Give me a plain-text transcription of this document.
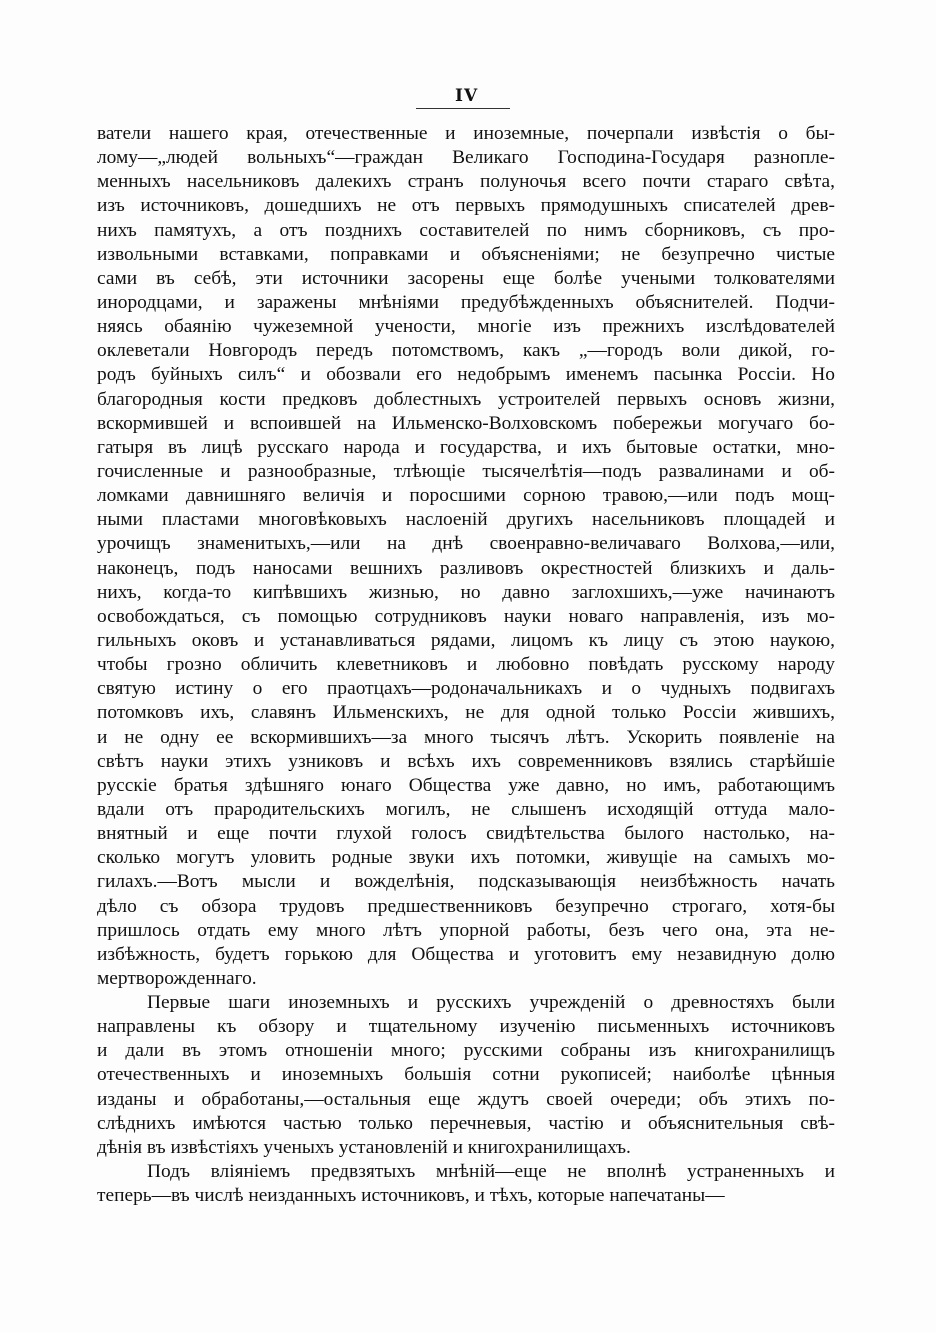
IV
ватели нашего края, отечественные и иноземные, почерпали извѣстія о бы-
лому—„людей вольныхъ“—граждан Великаго Господина-Государя разнопле-
менныхъ насельниковъ далекихъ странъ полуночья всего почти стараго свѣта,
изъ источниковъ, дошедшихъ не отъ первыхъ прямодушныхъ списателей древ-
нихъ памятухъ, а отъ позднихъ составителей по нимъ сборниковъ, съ про-
извольными вставками, поправками и объясненіями; не безупречно чистые
сами въ себѣ, эти источники засорены еще болѣе учеными толкователями
инородцами, и заражены мнѣніями предубѣжденныхъ объяснителей. Подчи-
няясь обаянію чужеземной учености, многіе изъ прежнихъ изслѣдователей
оклеветали Новгородъ передъ потомствомъ, какъ „—городъ воли дикой, го-
родъ буйныхъ силъ“ и обозвали его недобрымъ именемъ пасынка Россіи. Но
благородныя кости предковъ доблестныхъ устроителей первыхъ основъ жизни,
вскормившей и вспоившей на Ильменско-Волховскомъ побережьи могучаго бо-
гатыря въ лицѣ русскаго народа и государства, и ихъ бытовые остатки, мно-
гочисленные и разнообразные, тлѣющіе тысячелѣтія—подъ развалинами и об-
ломками давнишняго величія и поросшими сорною травою,—или подъ мощ-
ными пластами многовѣковыхъ наслоеній другихъ насельниковъ площадей и
урочищъ знаменитыхъ,—или на днѣ своенравно-величаваго Волхова,—или,
наконецъ, подъ наносами вешнихъ разливовъ окрестностей близкихъ и даль-
нихъ, когда-то кипѣвшихъ жизнью, но давно заглохшихъ,—уже начинаютъ
освобождаться, съ помощью сотрудниковъ науки новаго направленія, изъ мо-
гильныхъ оковъ и устанавливаться рядами, лицомъ къ лицу съ этою наукою,
чтобы грозно обличить клеветниковъ и любовно повѣдать русскому народу
святую истину о его праотцахъ—родоначальникахъ и о чудныхъ подвигахъ
потомковъ ихъ, славянъ Ильменскихъ, не для одной только Россіи жившихъ,
и не одну ее вскормившихъ—за много тысячъ лѣтъ. Ускорить появленіе на
свѣтъ науки этихъ узниковъ и всѣхъ ихъ современниковъ взялись старѣйшіе
русскіе братья здѣшняго юнаго Общества уже давно, но имъ, работающимъ
вдали отъ прародительскихъ могилъ, не слышенъ исходящій оттуда мало-
внятный и еще почти глухой голосъ свидѣтельства былого настолько, на-
сколько могутъ уловить родные звуки ихъ потомки, живущіе на самыхъ мо-
гилахъ.—Вотъ мысли и вожделѣнія, подсказывающія неизбѣжность начать
дѣло съ обзора трудовъ предшественниковъ безупречно строгаго, хотя-бы
пришлось отдать ему много лѣтъ упорной работы, безъ чего она, эта не-
избѣжность, будетъ горькою для Общества и уготовитъ ему незавидную долю
мертворожденнаго.
Первые шаги иноземныхъ и русскихъ учрежденій о древностяхъ были
направлены къ обзору и тщательному изученію письменныхъ источниковъ
и дали въ этомъ отношеніи много; русскими собраны изъ книгохранилищъ
отечественныхъ и иноземныхъ большія сотни рукописей; наиболѣе цѣнныя
изданы и обработаны,—остальныя еще ждутъ своей очереди; объ этихъ по-
слѣднихъ имѣются частью только перечневыя, частію и объяснительныя свѣ-
дѣнія въ извѣстіяхъ ученыхъ установленій и книгохранилищахъ.
Подъ вліяніемъ предвзятыхъ мнѣній—еще не вполнѣ устраненныхъ и
теперь—въ числѣ неизданныхъ источниковъ, и тѣхъ, которые напечатаны—
